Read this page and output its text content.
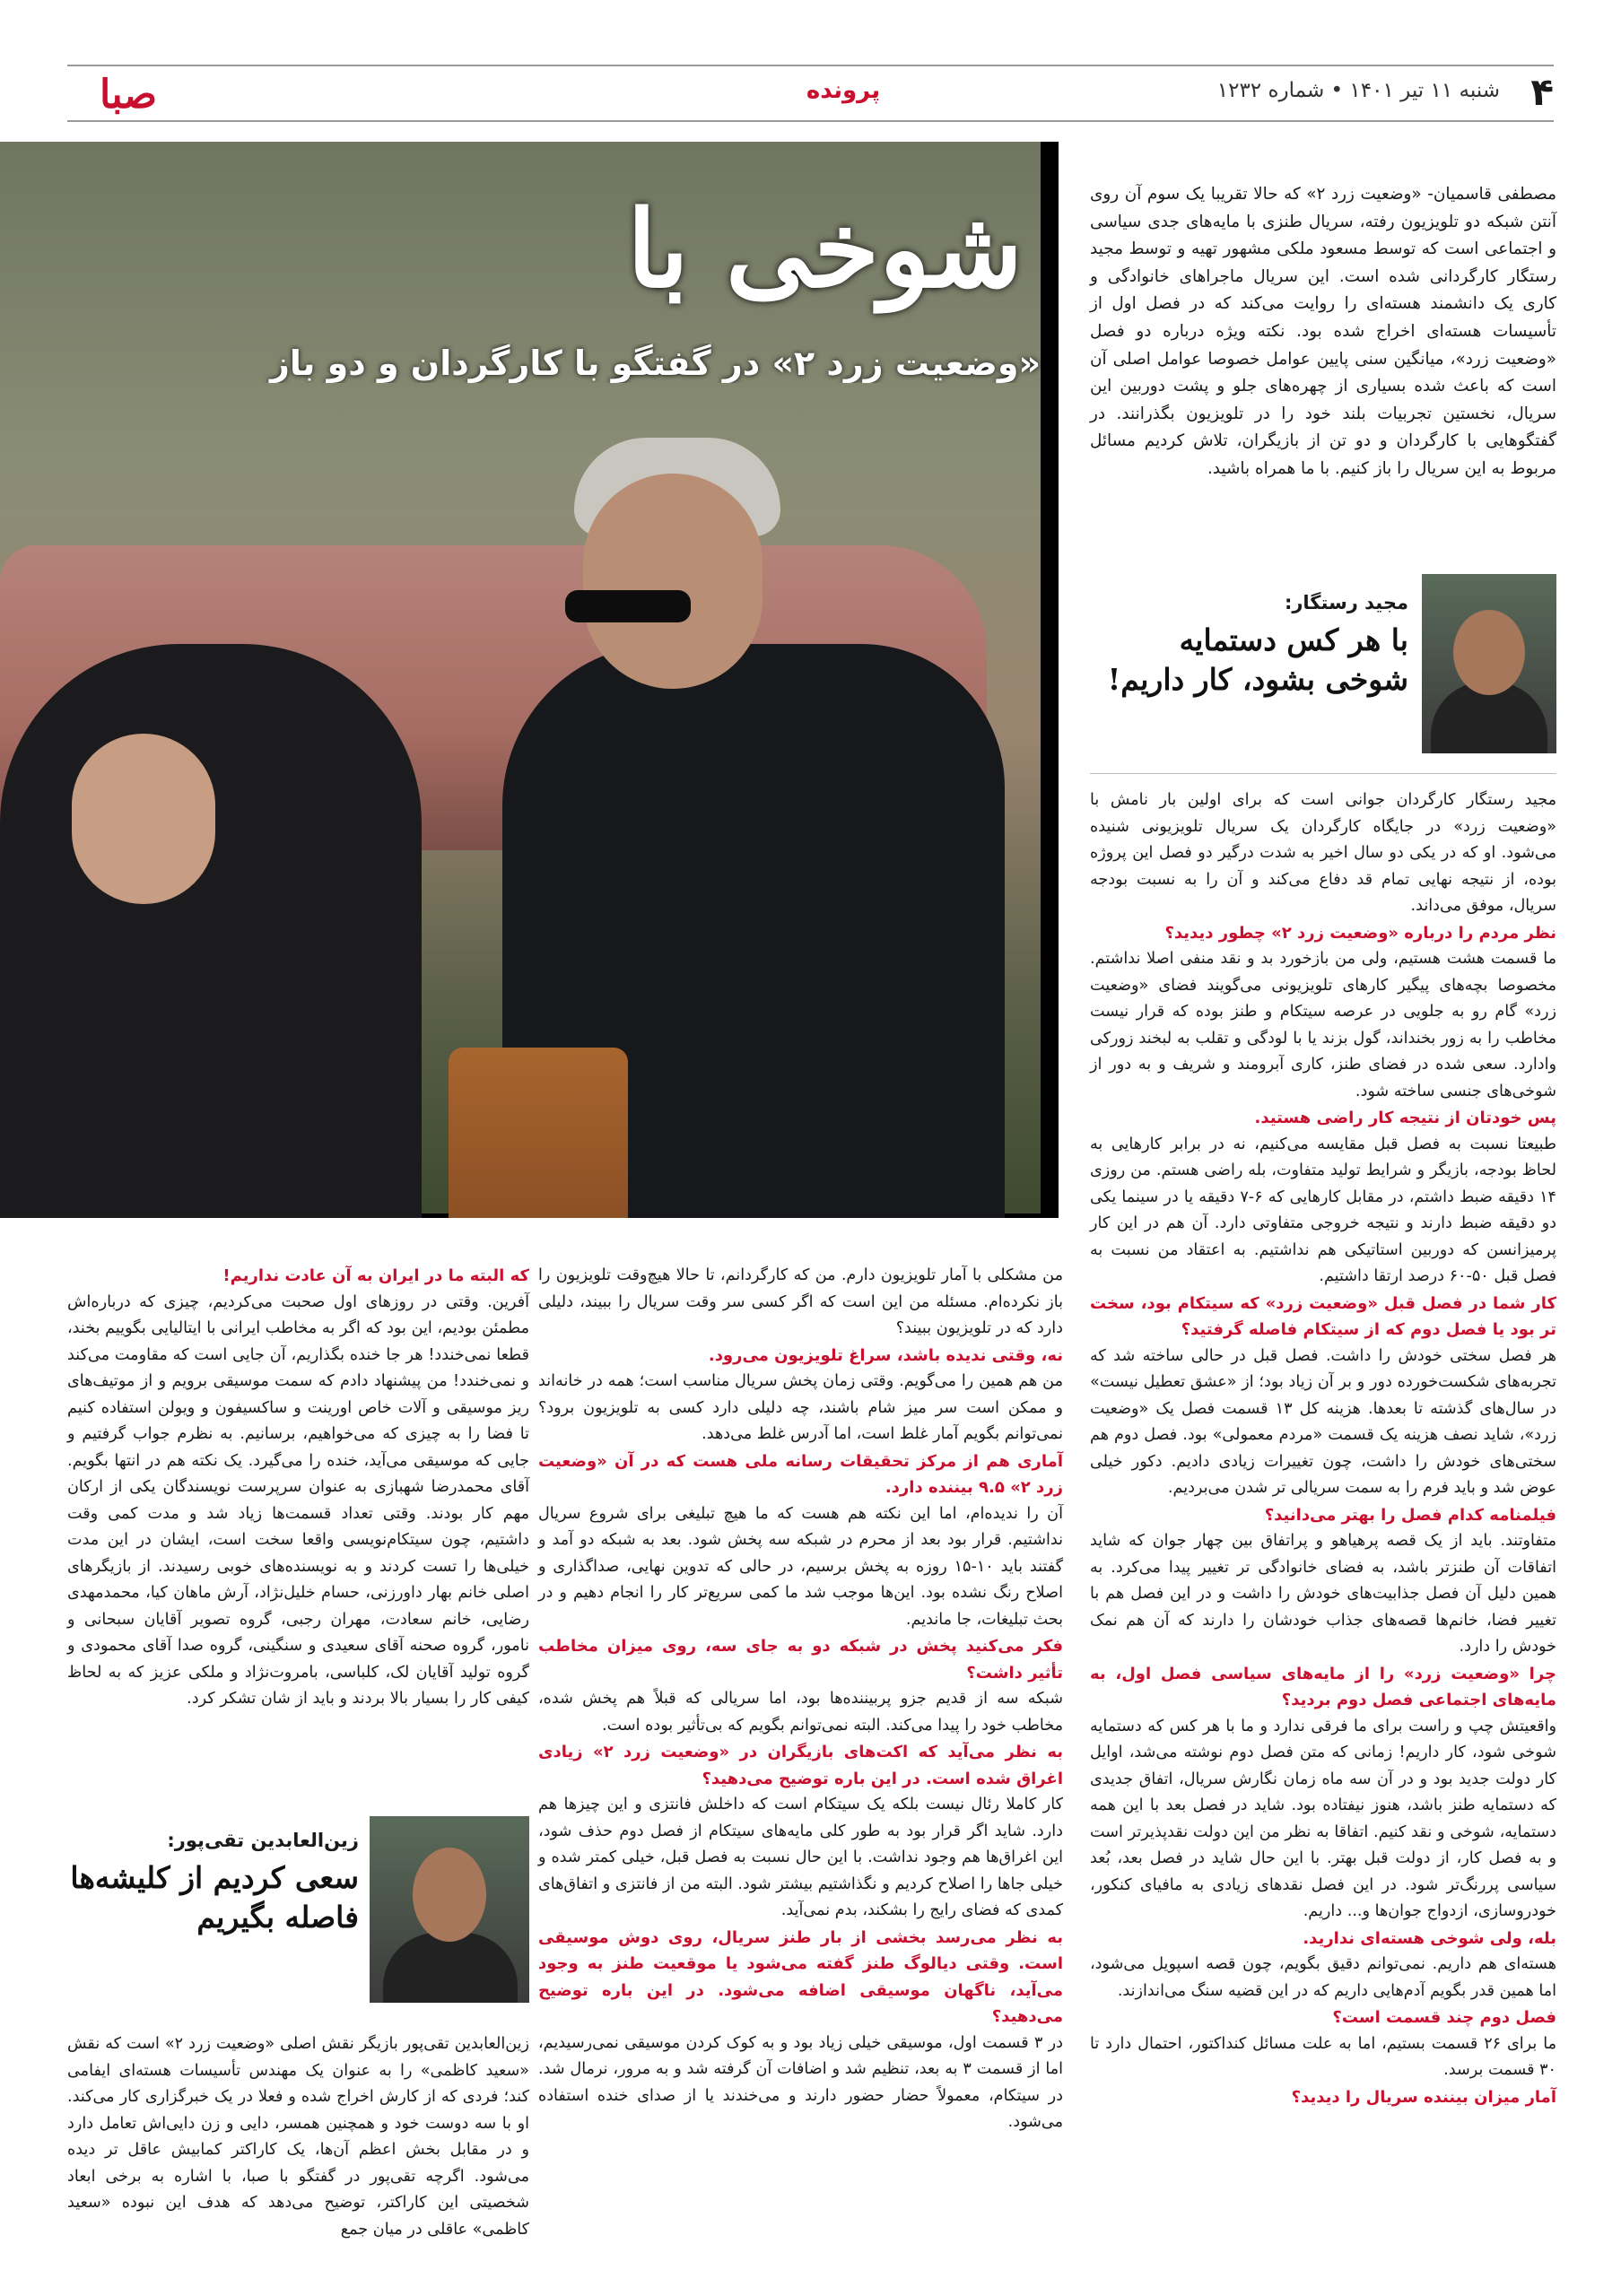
صبا	پرونده	شنبه ۱۱ تیر ۱۴۰۱ • شماره ۱۲۳۲ ۴
شوخی با
«وضعیت زرد ۲» در گفتگو با کارگردان و دو باز
مصطفی قاسمیان- «وضعیت زرد ۲» که حالا تقریبا یک سوم آن روی آنتن شبکه دو تلویزیون رفته، سریال طنزی با مایه‌های جدی سیاسی و اجتماعی است که توسط مسعود ملکی مشهور تهیه و توسط مجید رستگار کارگردانی شده است. این سریال ماجراهای خانوادگی و کاری یک دانشمند هسته‌ای را روایت می‌کند که در فصل اول از تأسیسات هسته‌ای اخراج شده بود. نکته ویژه درباره دو فصل «وضعیت زرد»، میانگین سنی پایین عوامل خصوصا عوامل اصلی آن است که باعث شده بسیاری از چهره‌های جلو و پشت دوربین این سریال، نخستین تجربیات بلند خود را در تلویزیون بگذرانند. در گفتگوهایی با کارگردان و دو تن از بازیگران، تلاش کردیم مسائل مربوط به این سریال را باز کنیم. با ما همراه باشید.
مجید رستگار:
با هر کس دستمایه شوخی بشود، کار داریم!

مجید رستگار کارگردان جوانی است که برای اولین بار نامش با «وضعیت زرد» در جایگاه کارگردان یک سریال تلویزیونی شنیده می‌شود. او که در یکی دو سال اخیر به شدت درگیر دو فصل این پروژه بوده، از نتیجه نهایی تمام قد دفاع می‌کند و آن را به نسبت بودجه سریال، موفق می‌داند.

نظر مردم را درباره «وضعیت زرد ۲» چطور دیدید؟

ما قسمت هشت هستیم، ولی من بازخورد بد و نقد منفی اصلا نداشتم. مخصوصا بچه‌های پیگیر کارهای تلویزیونی می‌گویند فضای «وضعیت زرد» گام رو به جلویی در عرصه سیتکام و طنز بوده که قرار نیست مخاطب را به زور بخنداند، گول بزند یا با لودگی و تقلب به لبخند زورکی وادارد. سعی شده در فضای طنز، کاری آبرومند و شریف و به دور از شوخی‌های جنسی ساخته شود.

پس خودتان از نتیجه کار راضی هستید.

طبیعتا نسبت به فصل قبل مقایسه می‌کنیم، نه در برابر کارهایی به لحاظ بودجه، بازیگر و شرایط تولید متفاوت، بله راضی هستم. من روزی ۱۴ دقیقه ضبط داشتم، در مقابل کارهایی که ۶-۷ دقیقه یا در سینما یکی دو دقیقه ضبط دارند و نتیجه خروجی متفاوتی دارد. آن هم در این کار پرمیزانسن که دوربین استاتیکی هم نداشتیم. به اعتقاد من نسبت به فصل قبل ۵۰-۶۰ درصد ارتقا داشتیم.

کار شما در فصل قبل «وضعیت زرد» که سیتکام بود، سخت تر بود یا فصل دوم که از سیتکام فاصله گرفتید؟

هر فصل سختی خودش را داشت. فصل قبل در حالی ساخته شد که تجربه‌های شکست‌خورده دور و بر آن زیاد بود؛ از «عشق تعطیل نیست» در سال‌های گذشته تا بعدها. هزینه کل ۱۳ قسمت فصل یک «وضعیت زرد»، شاید نصف هزینه یک قسمت «مردم معمولی» بود. فصل دوم هم سختی‌های خودش را داشت، چون تغییرات زیادی دادیم. دکور خیلی عوض شد و باید فرم را به سمت سریالی تر شدن می‌بردیم.

فیلمنامه کدام فصل را بهتر می‌دانید؟

متفاوتند. باید از یک قصه پرهیاهو و پراتفاق بین چهار جوان که شاید اتفاقات آن طنزتر باشد، به فضای خانوادگی تر تغییر پیدا می‌کرد. به همین دلیل آن فصل جذابیت‌های خودش را داشت و در این فصل هم با تغییر فضا، خانم‌ها قصه‌های جذاب خودشان را دارند که آن هم نمک خودش را دارد.

چرا «وضعیت زرد» را از مایه‌های سیاسی فصل اول، به مایه‌های اجتماعی فصل دوم بردید؟

واقعیتش چپ و راست برای ما فرقی ندارد و ما با هر کس که دستمایه شوخی شود، کار داریم! زمانی که متن فصل دوم نوشته می‌شد، اوایل کار دولت جدید بود و در آن سه ماه زمان نگارش سریال، اتفاق جدیدی که دستمایه طنز باشد، هنوز نیفتاده بود. شاید در فصل بعد با این همه دستمایه، شوخی و نقد کنیم. اتفاقا به نظر من این دولت نقدپذیرتر است و به فصل کار، از دولت قبل بهتر. با این حال شاید در فصل بعد، بُعد سیاسی پررنگ‌تر شود. در این فصل نقدهای زیادی به مافیای کنکور، خودروسازی، ازدواج جوان‌ها و... داریم.

بله، ولی شوخی هسته‌ای ندارید.

هسته‌ای هم داریم. نمی‌توانم دقیق بگویم، چون قصه اسپویل می‌شود، اما همین قدر بگویم آدم‌هایی داریم که در این قضیه سنگ می‌اندازند.

فصل دوم چند قسمت است؟

ما برای ۲۶ قسمت بستیم، اما به علت مسائل کنداکتور، احتمال دارد تا ۳۰ قسمت برسد.

آمار میزان بیننده سریال را دیدید؟

من مشکلی با آمار تلویزیون دارم. من که کارگردانم، تا حالا هیچ‌وقت تلویزیون را باز نکرده‌ام. مسئله من این است که اگر کسی سر وقت سریال را ببیند، دلیلی دارد که در تلویزیون ببیند؟

نه، وقتی ندیده باشد، سراغ تلویزیون می‌رود.

من هم همین را می‌گویم. وقتی زمان پخش سریال مناسب است؛ همه در خانه‌اند و ممکن است سر میز شام باشند، چه دلیلی دارد کسی به تلویزیون برود؟ نمی‌توانم بگویم آمار غلط است، اما آدرس غلط می‌دهد.

آماری هم از مرکز تحقیقات رسانه ملی هست که در آن «وضعیت زرد ۲» ۹.۵ بیننده دارد.

آن را ندیده‌ام، اما این نکته هم هست که ما هیچ تبلیغی برای شروع سریال نداشتیم. قرار بود بعد از محرم در شبکه سه پخش شود. بعد به شبکه دو آمد و گفتند باید ۱۰-۱۵ روزه به پخش برسیم، در حالی که تدوین نهایی، صداگذاری و اصلاح رنگ نشده بود. این‌ها موجب شد ما کمی سریع‌تر کار را انجام دهیم و در بحث تبلیغات، جا ماندیم.

فکر می‌کنید پخش در شبکه دو به جای سه، روی میزان مخاطب تأثیر داشت؟

شبکه سه از قدیم جزو پربیننده‌ها بود، اما سریالی که قبلاً هم پخش شده، مخاطب خود را پیدا می‌کند. البته نمی‌توانم بگویم که بی‌تأثیر بوده است.

به نظر می‌آید که اکت‌های بازیگران در «وضعیت زرد ۲» زیادی اغراق شده است. در این باره توضیح می‌دهید؟

کار کاملا رئال نیست بلکه یک سیتکام است که داخلش فانتزی و این چیزها هم دارد. شاید اگر قرار بود به طور کلی مایه‌های سیتکام از فصل دوم حذف شود، این اغراق‌ها هم وجود نداشت. با این حال نسبت به فصل قبل، خیلی کمتر شده و خیلی جاها را اصلاح کردیم و نگذاشتیم بیشتر شود. البته من از فانتزی و اتفاق‌های کمدی که فضای رایج را بشکند، بدم نمی‌آید.

به نظر می‌رسد بخشی از بار طنز سریال، روی دوش موسیقی است. وقتی دیالوگ طنز گفته می‌شود یا موقعیت طنز به وجود می‌آید، ناگهان موسیقی اضافه می‌شود. در این باره توضیح می‌دهید؟

در ۳ قسمت اول، موسیقی خیلی زیاد بود و به کوک کردن موسیقی نمی‌رسیدیم، اما از قسمت ۳ به بعد، تنظیم شد و اضافات آن گرفته شد و به مرور، نرمال شد. در سیتکام، معمولاً حضار حضور دارند و می‌خندند یا از صدای خنده استفاده می‌شود.

که البته ما در ایران به آن عادت نداریم!

آفرین. وقتی در روزهای اول صحبت می‌کردیم، چیزی که درباره‌اش مطمئن بودیم، این بود که اگر به مخاطب ایرانی با ایتالیایی بگوییم بخند، قطعا نمی‌خندد! هر جا خنده بگذاریم، آن جایی است که مقاومت می‌کند و نمی‌خندد! من پیشنهاد دادم که سمت موسیقی برویم و از موتیف‌های ریز موسیقی و آلات خاص اورینت و ساکسیفون و ویولن استفاده کنیم تا فضا را به چیزی که می‌خواهیم، برسانیم. به نظرم جواب گرفتیم و جایی که موسیقی می‌آید، خنده را می‌گیرد. یک نکته هم در انتها بگویم. آقای محمدرضا شهبازی به عنوان سرپرست نویسندگان یکی از ارکان مهم کار بودند. وقتی تعداد قسمت‌ها زیاد شد و مدت کمی وقت داشتیم، چون سیتکام‌نویسی واقعا سخت است، ایشان در این مدت خیلی‌ها را تست کردند و به نویسنده‌های خوبی رسیدند. از بازیگرهای اصلی خانم بهار داورزنی، حسام خلیل‌نژاد، آرش ماهان کیا، محمدمهدی رضایی، خانم سعادت، مهران رجبی، گروه تصویر آقایان سبحانی و نامور، گروه صحنه آقای سعیدی و سنگینی، گروه صدا آقای محمودی و گروه تولید آقایان لک، کلباسی، بامروت‌نژاد و ملکی عزیز که به لحاظ کیفی کار را بسیار بالا بردند و باید از شان تشکر کرد.

زین‌العابدین تقی‌پور:
سعی کردیم از کلیشه‌ها فاصله بگیریم
زین‌العابدین تقی‌پور بازیگر نقش اصلی «وضعیت زرد ۲» است که نقش «سعید کاظمی» را به عنوان یک مهندس تأسیسات هسته‌ای ایفامی کند؛ فردی که از کارش اخراج شده و فعلا در یک خبرگزاری کار می‌کند. او با سه دوست خود و همچنین همسر، دایی و زن دایی‌اش تعامل دارد و در مقابل بخش اعظم آن‌ها، یک کاراکتر کمابیش عاقل تر دیده می‌شود. اگرچه تقی‌پور در گفتگو با صبا، با اشاره به برخی ابعاد شخصیتی این کاراکتر، توضیح می‌دهد که هدف این نبوده «سعید کاظمی» عاقلی در میان جمع
